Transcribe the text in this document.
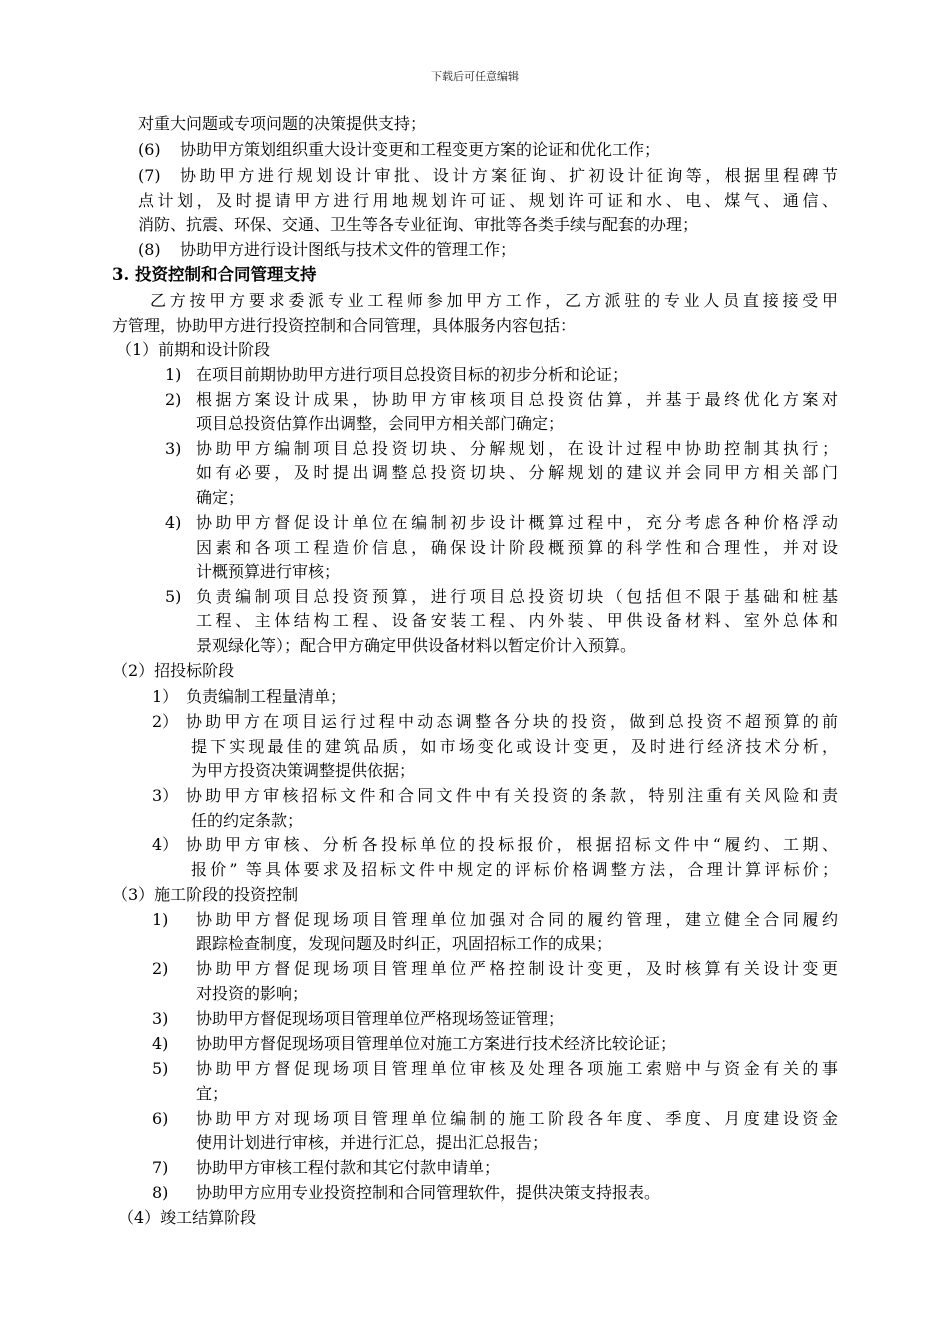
下载后可任意编辑
对重大问题或专项问题的决策提供支持；
(6) 协助甲方策划组织重大设计变更和工程变更方案的论证和优化工作；
(7) 协助甲方进行规划设计审批、设计方案征询、扩初设计征询等，根据里程碑节
点计划，及时提请甲方进行用地规划许可证、规划许可证和水、电、煤气、通信、
消防、抗震、环保、交通、卫生等各专业征询、审批等各类手续与配套的办理；
(8) 协助甲方进行设计图纸与技术文件的管理工作；
3. 投资控制和合同管理支持
乙方按甲方要求委派专业工程师参加甲方工作，乙方派驻的专业人员直接接受甲
方管理，协助甲方进行投资控制和合同管理，具体服务内容包括：
（1）前期和设计阶段
1) 在项目前期协助甲方进行项目总投资目标的初步分析和论证；
2) 根据方案设计成果，协助甲方审核项目总投资估算，并基于最终优化方案对
项目总投资估算作出调整，会同甲方相关部门确定；
3) 协助甲方编制项目总投资切块、分解规划，在设计过程中协助控制其执行；
如有必要，及时提出调整总投资切块、分解规划的建议并会同甲方相关部门
确定；
4) 协助甲方督促设计单位在编制初步设计概算过程中，充分考虑各种价格浮动
因素和各项工程造价信息，确保设计阶段概预算的科学性和合理性，并对设
计概预算进行审核；
5) 负责编制项目总投资预算，进行项目总投资切块（包括但不限于基础和桩基
工程、主体结构工程、设备安装工程、内外装、甲供设备材料、室外总体和
景观绿化等）；配合甲方确定甲供设备材料以暂定价计入预算。
（2）招投标阶段
1） 负责编制工程量清单；
2） 协助甲方在项目运行过程中动态调整各分块的投资，做到总投资不超预算的前
提下实现最佳的建筑品质，如市场变化或设计变更，及时进行经济技术分析，
为甲方投资决策调整提供依据；
3） 协助甲方审核招标文件和合同文件中有关投资的条款，特别注重有关风险和责
任的约定条款；
4） 协助甲方审核、分析各投标单位的投标报价，根据招标文件中“履约、工期、
报价” 等具体要求及招标文件中规定的评标价格调整方法，合理计算评标价；
（3）施工阶段的投资控制
1) 协助甲方督促现场项目管理单位加强对合同的履约管理，建立健全合同履约
跟踪检查制度，发现问题及时纠正，巩固招标工作的成果；
2) 协助甲方督促现场项目管理单位严格控制设计变更，及时核算有关设计变更
对投资的影响；
3) 协助甲方督促现场项目管理单位严格现场签证管理；
4) 协助甲方督促现场项目管理单位对施工方案进行技术经济比较论证；
5) 协助甲方督促现场项目管理单位审核及处理各项施工索赔中与资金有关的事
宜；
6) 协助甲方对现场项目管理单位编制的施工阶段各年度、季度、月度建设资金
使用计划进行审核，并进行汇总，提出汇总报告；
7) 协助甲方审核工程付款和其它付款申请单；
8) 协助甲方应用专业投资控制和合同管理软件，提供决策支持报表。
（4）竣工结算阶段
